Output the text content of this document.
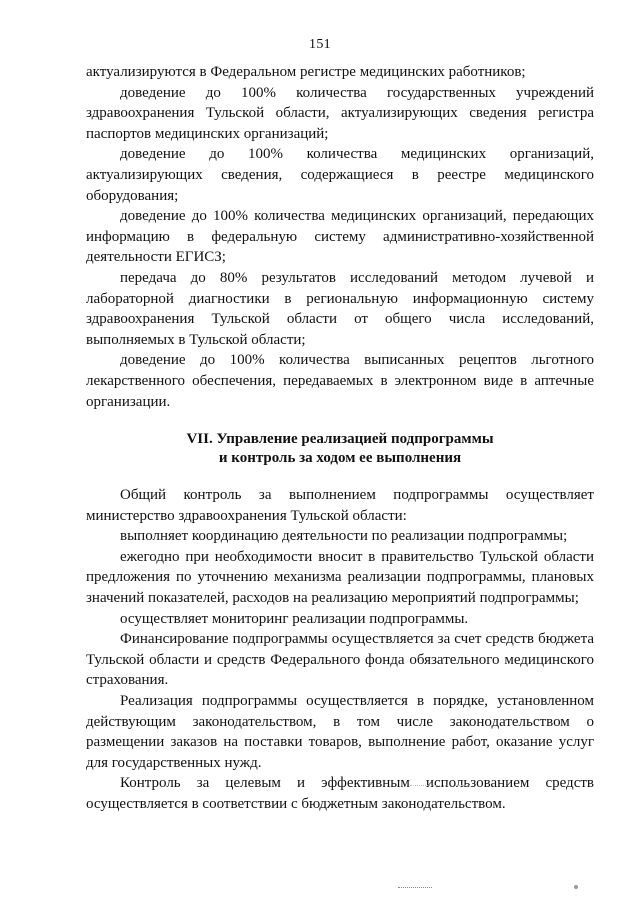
151

актуализируются в Федеральном регистре медицинских работников;

доведение до 100% количества государственных учреждений здравоохранения Тульской области, актуализирующих сведения регистра паспортов медицинских организаций;

доведение до 100% количества медицинских организаций, актуализирующих сведения, содержащиеся в реестре медицинского оборудования;

доведение до 100% количества медицинских организаций, передающих информацию в федеральную систему административно-хозяйственной деятельности ЕГИСЗ;

передача до 80% результатов исследований методом лучевой и лабораторной диагностики в региональную информационную систему здравоохранения Тульской области от общего числа исследований, выполняемых в Тульской области;

доведение до 100% количества выписанных рецептов льготного лекарственного обеспечения, передаваемых в электронном виде в аптечные организации.

VII. Управление реализацией подпрограммы
и контроль за ходом ее выполнения

Общий контроль за выполнением подпрограммы осуществляет министерство здравоохранения Тульской области:

выполняет координацию деятельности по реализации подпрограммы;

ежегодно при необходимости вносит в правительство Тульской области предложения по уточнению механизма реализации подпрограммы, плановых значений показателей, расходов на реализацию мероприятий подпрограммы;

осуществляет мониторинг реализации подпрограммы.

Финансирование подпрограммы осуществляется за счет средств бюджета Тульской области и средств Федерального фонда обязательного медицинского страхования.

Реализация подпрограммы осуществляется в порядке, установленном действующим законодательством, в том числе законодательством о размещении заказов на поставки товаров, выполнение работ, оказание услуг для государственных нужд.

Контроль за целевым и эффективным использованием средств осуществляется в соответствии с бюджетным законодательством.
